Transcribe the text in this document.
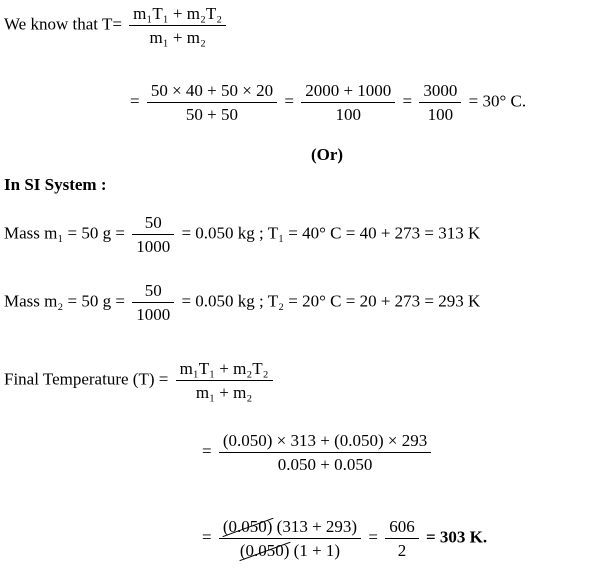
We know that $T= \frac{\text{m₁T₁ + m₂T₂}}{\text{m₁ + m₂}}$
= $\frac{50 \times 40 + 50 \times 20}{50 + 50} = \frac{2000 + 1000}{100} = \frac{3000}{100} = 30^\circ$ C.
(Or)
In SI System :
Mass m₁ = 50 $g = \frac{50}{1000} = 0.050$ kg ; T₁ = 40° C = 40 + 273 = 313 K
Mass m₂ = 50 $g = \frac{50}{1000} = 0.050$ kg ; T₂ = 20° C = 20 + 273 = 293 K
Final Temperature $(T) = \frac{\text{m₁T₁ + m₂T₂}}{\text{m₁ + m₂}}$
= $\frac{(0.050) \times 313 + (0.050) \times 293}{0.050 + 0.050}$
= $\frac{(0.050) (313 + 293)}{(0.050) (1 + 1)} = \frac{606}{2} = 303$ K.
